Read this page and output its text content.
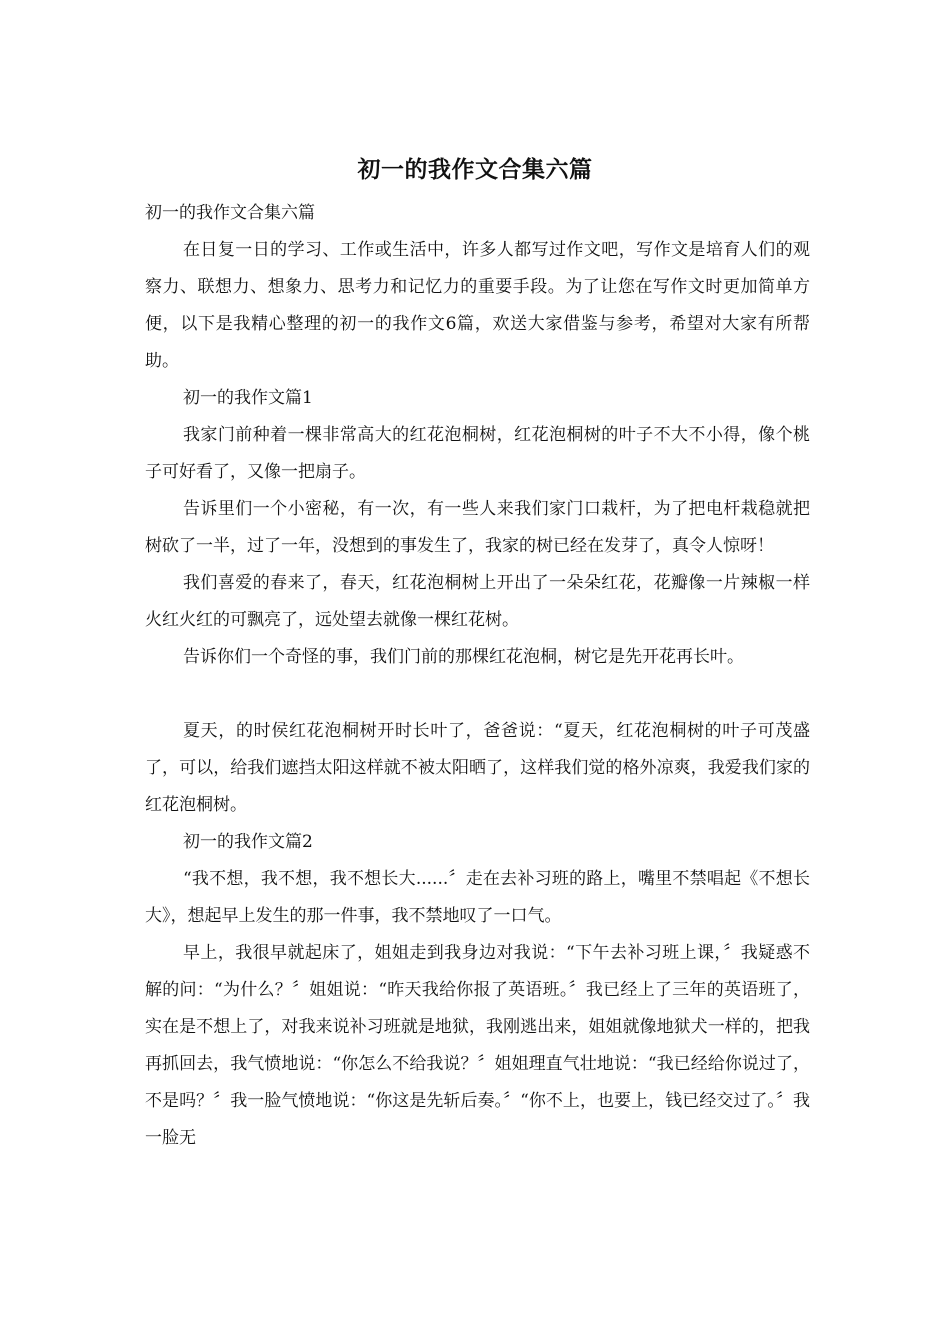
初一的我作文合集六篇

初一的我作文合集六篇

在日复一日的学习、工作或生活中，许多人都写过作文吧，写作文是培育人们的观察力、联想力、想象力、思考力和记忆力的重要手段。为了让您在写作文时更加简单方便，以下是我精心整理的初一的我作文6篇，欢送大家借鉴与参考，希望对大家有所帮助。

初一的我作文篇1

我家门前种着一棵非常高大的红花泡桐树，红花泡桐树的叶子不大不小得，像个桃子可好看了，又像一把扇子。

告诉里们一个小密秘，有一次，有一些人来我们家门口栽杆，为了把电杆栽稳就把树砍了一半，过了一年，没想到的事发生了，我家的树已经在发芽了，真令人惊呀！

我们喜爱的春来了，春天，红花泡桐树上开出了一朵朵红花，花瓣像一片辣椒一样火红火红的可飘亮了，远处望去就像一棵红花树。

告诉你们一个奇怪的事，我们门前的那棵红花泡桐，树它是先开花再长叶。

夏天，的时侯红花泡桐树开时长叶了，爸爸说：“夏天，红花泡桐树的叶子可茂盛了，可以，给我们遮挡太阳这样就不被太阳晒了，这样我们觉的格外凉爽，我爱我们家的红花泡桐树。

初一的我作文篇2

“我不想，我不想，我不想长大......〞走在去补习班的路上，嘴里不禁唱起《不想长大》，想起早上发生的那一件事，我不禁地叹了一口气。

早上，我很早就起床了，姐姐走到我身边对我说：“下午去补习班上课，〞我疑惑不解的问：“为什么？〞姐姐说：“昨天我给你报了英语班。〞我已经上了三年的英语班了，实在是不想上了，对我来说补习班就是地狱，我刚逃出来，姐姐就像地狱犬一样的，把我再抓回去，我气愤地说：“你怎么不给我说？〞姐姐理直气壮地说：“我已经给你说过了，不是吗？〞我一脸气愤地说：“你这是先斩后奏。〞“你不上，也要上，钱已经交过了。〞我一脸无
